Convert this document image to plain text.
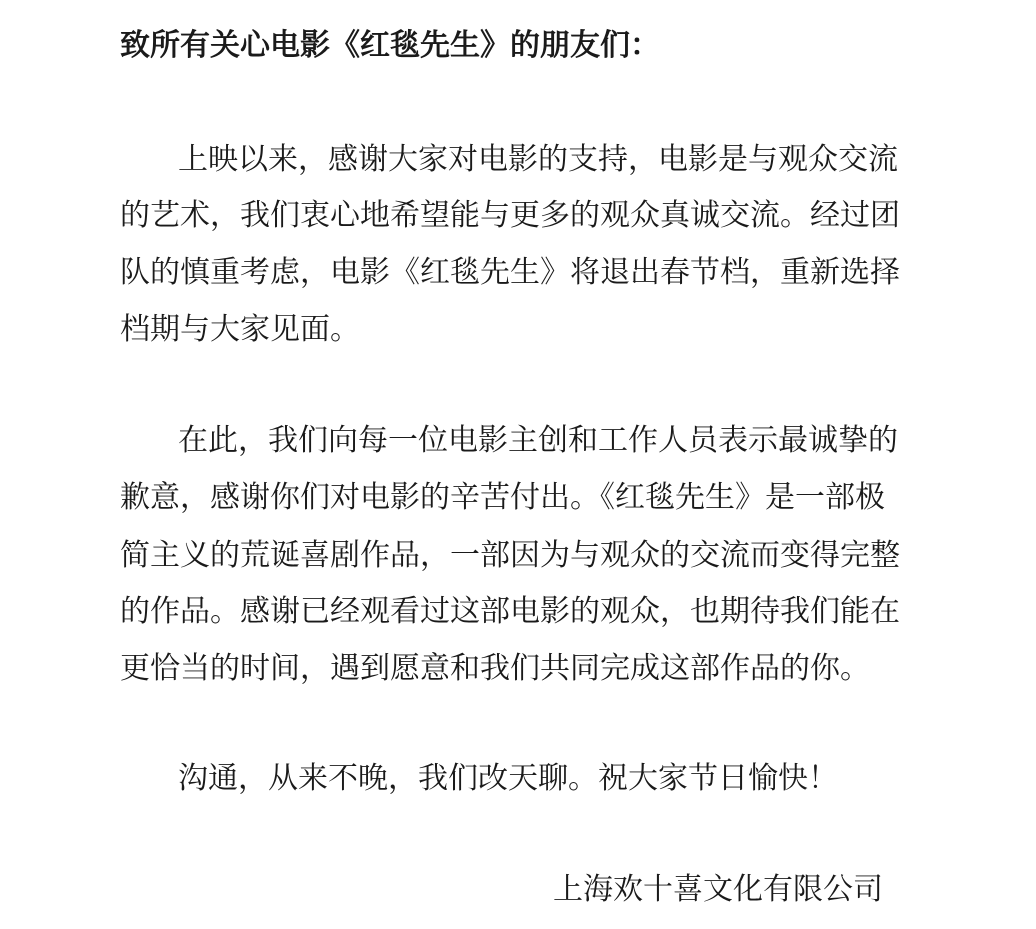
致所有关心电影《红毯先生》的朋友们：

上映以来，感谢大家对电影的支持，电影是与观众交流

的艺术，我们衷心地希望能与更多的观众真诚交流。经过团

队的慎重考虑，电影《红毯先生》将退出春节档，重新选择

档期与大家见面。

在此，我们向每一位电影主创和工作人员表示最诚挚的

歉意，感谢你们对电影的辛苦付出。《红毯先生》是一部极

简主义的荒诞喜剧作品，一部因为与观众的交流而变得完整

的作品。感谢已经观看过这部电影的观众，也期待我们能在

更恰当的时间，遇到愿意和我们共同完成这部作品的你。

沟通，从来不晚，我们改天聊。祝大家节日愉快！

上海欢十喜文化有限公司
